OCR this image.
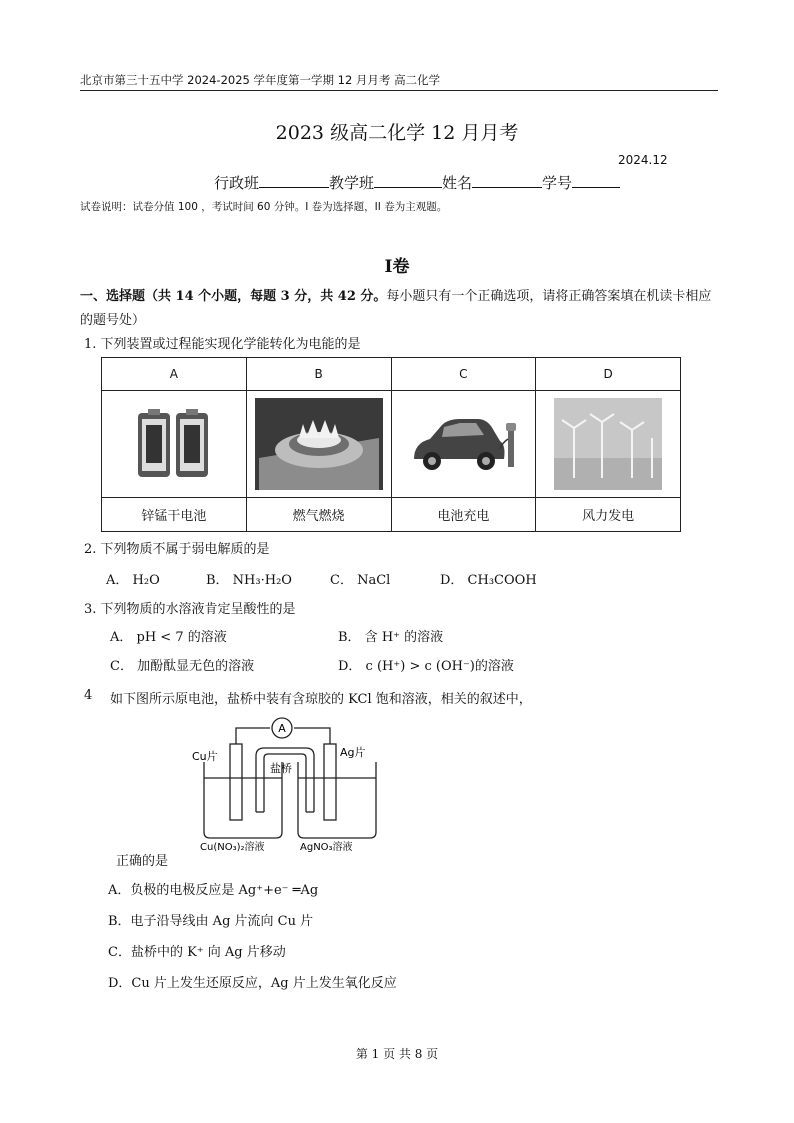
北京市第三十五中学 2024-2025 学年度第一学期 12 月月考 高二化学
2023 级高二化学 12 月月考
2024.12
行政班	教学班	姓名	学号
试卷说明：试卷分值 100 ，考试时间 60 分钟。I 卷为选择题，II 卷为主观题。
I卷
一、选择题（共 14 个小题，每题 3 分，共 42 分。每小题只有一个正确选项，请将正确答案填在机读卡相应的题号处）
1. 下列装置或过程能实现化学能转化为电能的是
A	B	C	D

锌锰干电池	燃气燃烧	电池充电	风力发电
2. 下列物质不属于弱电解质的是
A． H₂O	B． NH₃·H₂O	C． NaCl	D． CH₃COOH
3. 下列物质的水溶液肯定呈酸性的是
A． pH < 7 的溶液	B． 含 H⁺ 的溶液
C． 加酚酞显无色的溶液	D． c (H⁺) > c (OH⁻)的溶液
4 如下图所示原电池，盐桥中装有含琼胶的 KCl 饱和溶液，相关的叙述中，
A
Cu片	Ag片
盐桥
Cu(NO₃)₂溶液	AgNO₃溶液
正确的是
A．负极的电极反应是 Ag⁺+e⁻ ═Ag
B．电子沿导线由 Ag 片流向 Cu 片
C．盐桥中的 K⁺ 向 Ag 片移动
D．Cu 片上发生还原反应，Ag 片上发生氧化反应
第 1 页 共 8 页
